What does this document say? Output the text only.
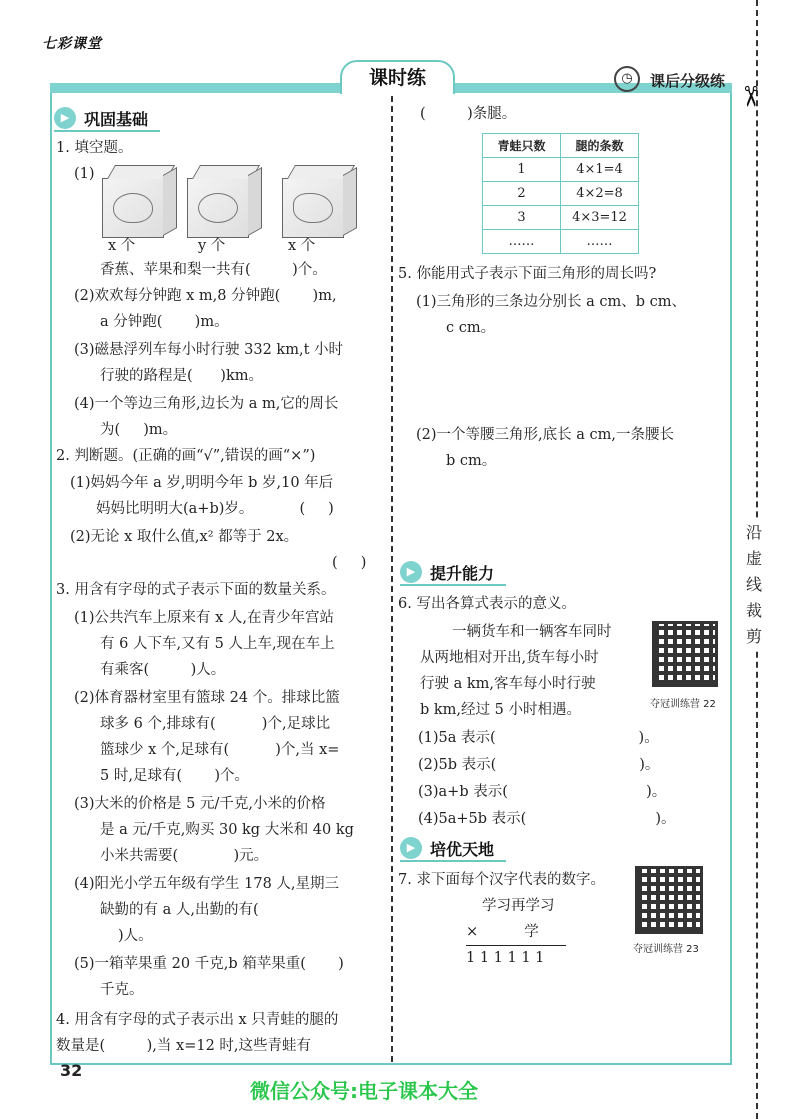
七彩课堂
✂
沿
虚
线
裁
剪
课时练	◷	课后分级练
▶ 巩固基础
1. 填空题。
(1)
x 个	y 个	x 个
香蕉、苹果和梨一共有(         )个。
(2)欢欢每分钟跑 x m,8 分钟跑(       )m,
a 分钟跑(       )m。
(3)磁悬浮列车每小时行驶 332 km,t 小时
行驶的路程是(      )km。
(4)一个等边三角形,边长为 a m,它的周长
为(     )m。
2. 判断题。(正确的画“√”,错误的画“×”)
(1)妈妈今年 a 岁,明明今年 b 岁,10 年后
妈妈比明明大(a+b)岁。          (     )
(2)无论 x 取什么值,x² 都等于 2x。
(     )
3. 用含有字母的式子表示下面的数量关系。
(1)公共汽车上原来有 x 人,在青少年宫站
有 6 人下车,又有 5 人上车,现在车上
有乘客(         )人。
(2)体育器材室里有篮球 24 个。排球比篮
球多 6 个,排球有(          )个,足球比
篮球少 x 个,足球有(          )个,当 x=
5 时,足球有(       )个。
(3)大米的价格是 5 元/千克,小米的价格
是 a 元/千克,购买 30 kg 大米和 40 kg
小米共需要(            )元。
(4)阳光小学五年级有学生 178 人,星期三
缺勤的有 a 人,出勤的有(
)人。
(5)一箱苹果重 20 千克,b 箱苹果重(       )
千克。
4. 用含有字母的式子表示出 x 只青蛙的腿的
数量是(         ),当 x=12 时,这些青蛙有
(         )条腿。
青蛙只数	腿的条数
1	4×1=4
2	4×2=8
3	4×3=12
……	……
5. 你能用式子表示下面三角形的周长吗?
(1)三角形的三条边分别长 a cm、b cm、
c cm。
(2)一个等腰三角形,底长 a cm,一条腰长
b cm。
▶ 提升能力
6. 写出各算式表示的意义。
一辆货车和一辆客车同时
从两地相对开出,货车每小时
行驶 a km,客车每小时行驶
b km,经过 5 小时相遇。	夺冠训练营 22
(1)5a 表示(                               )。
(2)5b 表示(                               )。
(3)a+b 表示(                              )。
(4)5a+5b 表示(                            )。
▶ 培优天地
7. 求下面每个汉字代表的数字。
夺冠训练营 23
学习再学习
×          学
1 1 1 1 1 1
32
微信公众号:电子课本大全
